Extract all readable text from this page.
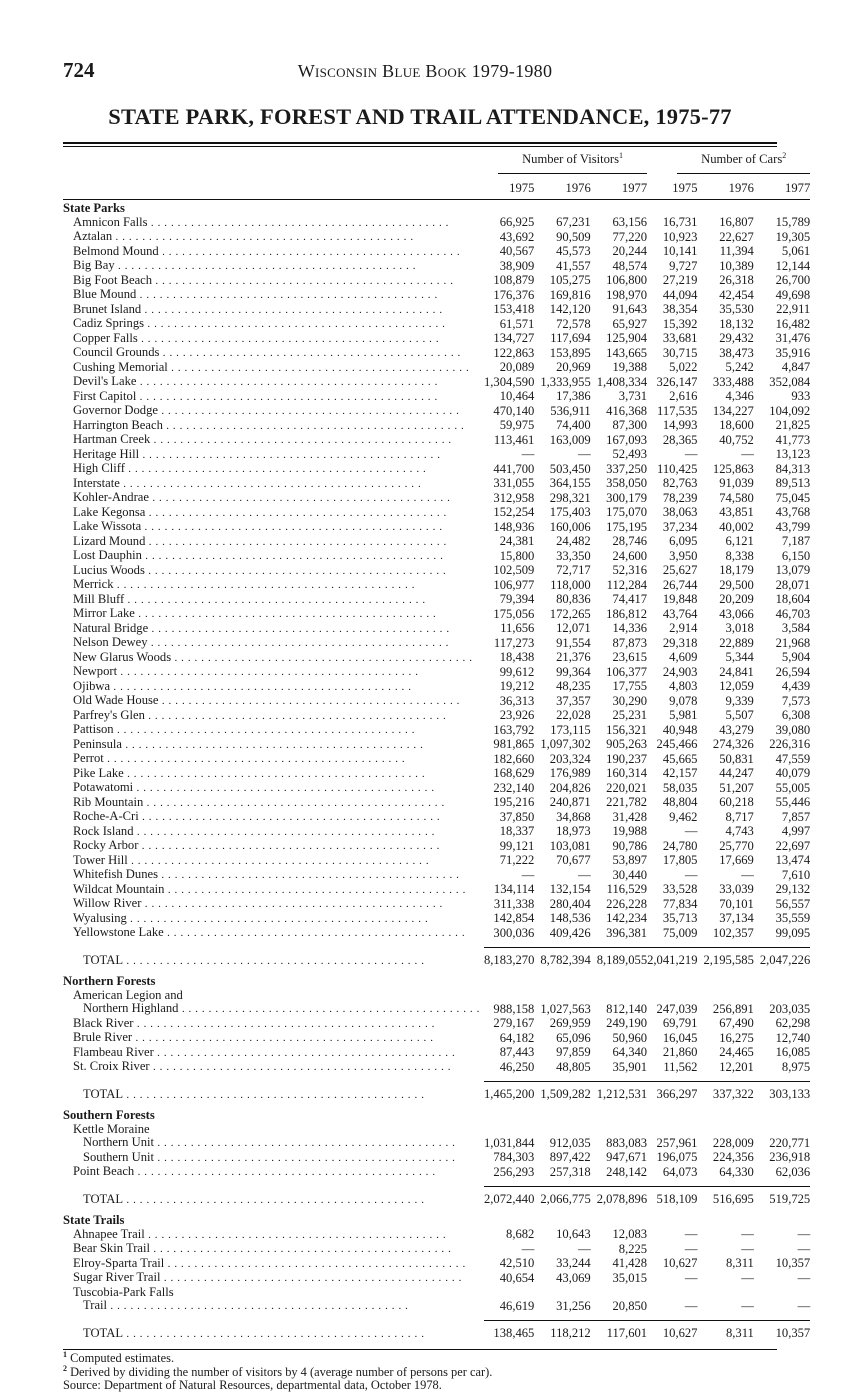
724	Wisconsin Blue Book 1979-1980
STATE PARK, FOREST AND TRAIL ATTENDANCE, 1975-77

	Number of Visitors$^1$			Number of Cars$^2$

	1975	1976	1977	1975	1976	1977
State Parks						

Amnicon Falls . . . . . . . . . . . . . . . . . . . . . . . . . . . . . . . . . . . . . . . . . . . . .	66,925	67,231	63,156	16,731	16,807	15,789

Aztalan . . . . . . . . . . . . . . . . . . . . . . . . . . . . . . . . . . . . . . . . . . . . .	43,692	90,509	77,220	10,923	22,627	19,305

Belmond Mound . . . . . . . . . . . . . . . . . . . . . . . . . . . . . . . . . . . . . . . . . . . . .	40,567	45,573	20,244	10,141	11,394	5,061

Big Bay . . . . . . . . . . . . . . . . . . . . . . . . . . . . . . . . . . . . . . . . . . . . .	38,909	41,557	48,574	9,727	10,389	12,144

Big Foot Beach . . . . . . . . . . . . . . . . . . . . . . . . . . . . . . . . . . . . . . . . . . . . .	108,879	105,275	106,800	27,219	26,318	26,700

Blue Mound . . . . . . . . . . . . . . . . . . . . . . . . . . . . . . . . . . . . . . . . . . . . .	176,376	169,816	198,970	44,094	42,454	49,698

Brunet Island . . . . . . . . . . . . . . . . . . . . . . . . . . . . . . . . . . . . . . . . . . . . .	153,418	142,120	91,643	38,354	35,530	22,911

Cadiz Springs . . . . . . . . . . . . . . . . . . . . . . . . . . . . . . . . . . . . . . . . . . . . .	61,571	72,578	65,927	15,392	18,132	16,482

Copper Falls . . . . . . . . . . . . . . . . . . . . . . . . . . . . . . . . . . . . . . . . . . . . .	134,727	117,694	125,904	33,681	29,432	31,476

Council Grounds . . . . . . . . . . . . . . . . . . . . . . . . . . . . . . . . . . . . . . . . . . . . .	122,863	153,895	143,665	30,715	38,473	35,916

Cushing Memorial . . . . . . . . . . . . . . . . . . . . . . . . . . . . . . . . . . . . . . . . . . . . .	20,089	20,969	19,388	5,022	5,242	4,847

Devil's Lake . . . . . . . . . . . . . . . . . . . . . . . . . . . . . . . . . . . . . . . . . . . . .	1,304,590	1,333,955	1,408,334	326,147	333,488	352,084

First Capitol . . . . . . . . . . . . . . . . . . . . . . . . . . . . . . . . . . . . . . . . . . . . .	10,464	17,386	3,731	2,616	4,346	933

Governor Dodge . . . . . . . . . . . . . . . . . . . . . . . . . . . . . . . . . . . . . . . . . . . . .	470,140	536,911	416,368	117,535	134,227	104,092

Harrington Beach . . . . . . . . . . . . . . . . . . . . . . . . . . . . . . . . . . . . . . . . . . . . .	59,975	74,400	87,300	14,993	18,600	21,825

Hartman Creek . . . . . . . . . . . . . . . . . . . . . . . . . . . . . . . . . . . . . . . . . . . . .	113,461	163,009	167,093	28,365	40,752	41,773

Heritage Hill . . . . . . . . . . . . . . . . . . . . . . . . . . . . . . . . . . . . . . . . . . . . .	—	—	52,493	—	—	13,123

High Cliff . . . . . . . . . . . . . . . . . . . . . . . . . . . . . . . . . . . . . . . . . . . . .	441,700	503,450	337,250	110,425	125,863	84,313

Interstate . . . . . . . . . . . . . . . . . . . . . . . . . . . . . . . . . . . . . . . . . . . . .	331,055	364,155	358,050	82,763	91,039	89,513

Kohler-Andrae . . . . . . . . . . . . . . . . . . . . . . . . . . . . . . . . . . . . . . . . . . . . .	312,958	298,321	300,179	78,239	74,580	75,045

Lake Kegonsa . . . . . . . . . . . . . . . . . . . . . . . . . . . . . . . . . . . . . . . . . . . . .	152,254	175,403	175,070	38,063	43,851	43,768

Lake Wissota . . . . . . . . . . . . . . . . . . . . . . . . . . . . . . . . . . . . . . . . . . . . .	148,936	160,006	175,195	37,234	40,002	43,799

Lizard Mound . . . . . . . . . . . . . . . . . . . . . . . . . . . . . . . . . . . . . . . . . . . . .	24,381	24,482	28,746	6,095	6,121	7,187

Lost Dauphin . . . . . . . . . . . . . . . . . . . . . . . . . . . . . . . . . . . . . . . . . . . . .	15,800	33,350	24,600	3,950	8,338	6,150

Lucius Woods . . . . . . . . . . . . . . . . . . . . . . . . . . . . . . . . . . . . . . . . . . . . .	102,509	72,717	52,316	25,627	18,179	13,079

Merrick . . . . . . . . . . . . . . . . . . . . . . . . . . . . . . . . . . . . . . . . . . . . .	106,977	118,000	112,284	26,744	29,500	28,071

Mill Bluff . . . . . . . . . . . . . . . . . . . . . . . . . . . . . . . . . . . . . . . . . . . . .	79,394	80,836	74,417	19,848	20,209	18,604

Mirror Lake . . . . . . . . . . . . . . . . . . . . . . . . . . . . . . . . . . . . . . . . . . . . .	175,056	172,265	186,812	43,764	43,066	46,703

Natural Bridge . . . . . . . . . . . . . . . . . . . . . . . . . . . . . . . . . . . . . . . . . . . . .	11,656	12,071	14,336	2,914	3,018	3,584

Nelson Dewey . . . . . . . . . . . . . . . . . . . . . . . . . . . . . . . . . . . . . . . . . . . . .	117,273	91,554	87,873	29,318	22,889	21,968

New Glarus Woods . . . . . . . . . . . . . . . . . . . . . . . . . . . . . . . . . . . . . . . . . . . . .	18,438	21,376	23,615	4,609	5,344	5,904

Newport . . . . . . . . . . . . . . . . . . . . . . . . . . . . . . . . . . . . . . . . . . . . .	99,612	99,364	106,377	24,903	24,841	26,594

Ojibwa . . . . . . . . . . . . . . . . . . . . . . . . . . . . . . . . . . . . . . . . . . . . .	19,212	48,235	17,755	4,803	12,059	4,439

Old Wade House . . . . . . . . . . . . . . . . . . . . . . . . . . . . . . . . . . . . . . . . . . . . .	36,313	37,357	30,290	9,078	9,339	7,573

Parfrey's Glen . . . . . . . . . . . . . . . . . . . . . . . . . . . . . . . . . . . . . . . . . . . . .	23,926	22,028	25,231	5,981	5,507	6,308

Pattison . . . . . . . . . . . . . . . . . . . . . . . . . . . . . . . . . . . . . . . . . . . . .	163,792	173,115	156,321	40,948	43,279	39,080

Peninsula . . . . . . . . . . . . . . . . . . . . . . . . . . . . . . . . . . . . . . . . . . . . .	981,865	1,097,302	905,263	245,466	274,326	226,316

Perrot . . . . . . . . . . . . . . . . . . . . . . . . . . . . . . . . . . . . . . . . . . . . .	182,660	203,324	190,237	45,665	50,831	47,559

Pike Lake . . . . . . . . . . . . . . . . . . . . . . . . . . . . . . . . . . . . . . . . . . . . .	168,629	176,989	160,314	42,157	44,247	40,079

Potawatomi . . . . . . . . . . . . . . . . . . . . . . . . . . . . . . . . . . . . . . . . . . . . .	232,140	204,826	220,021	58,035	51,207	55,005

Rib Mountain . . . . . . . . . . . . . . . . . . . . . . . . . . . . . . . . . . . . . . . . . . . . .	195,216	240,871	221,782	48,804	60,218	55,446

Roche-A-Cri . . . . . . . . . . . . . . . . . . . . . . . . . . . . . . . . . . . . . . . . . . . . .	37,850	34,868	31,428	9,462	8,717	7,857

Rock Island . . . . . . . . . . . . . . . . . . . . . . . . . . . . . . . . . . . . . . . . . . . . .	18,337	18,973	19,988	—	4,743	4,997

Rocky Arbor . . . . . . . . . . . . . . . . . . . . . . . . . . . . . . . . . . . . . . . . . . . . .	99,121	103,081	90,786	24,780	25,770	22,697

Tower Hill . . . . . . . . . . . . . . . . . . . . . . . . . . . . . . . . . . . . . . . . . . . . .	71,222	70,677	53,897	17,805	17,669	13,474

Whitefish Dunes . . . . . . . . . . . . . . . . . . . . . . . . . . . . . . . . . . . . . . . . . . . . .	—	—	30,440	—	—	7,610

Wildcat Mountain . . . . . . . . . . . . . . . . . . . . . . . . . . . . . . . . . . . . . . . . . . . . .	134,114	132,154	116,529	33,528	33,039	29,132

Willow River . . . . . . . . . . . . . . . . . . . . . . . . . . . . . . . . . . . . . . . . . . . . .	311,338	280,404	226,228	77,834	70,101	56,557

Wyalusing . . . . . . . . . . . . . . . . . . . . . . . . . . . . . . . . . . . . . . . . . . . . .	142,854	148,536	142,234	35,713	37,134	35,559

Yellowstone Lake . . . . . . . . . . . . . . . . . . . . . . . . . . . . . . . . . . . . . . . . . . . . .	300,036	409,426	396,381	75,009	102,357	99,095

TOTAL . . . . . . . . . . . . . . . . . . . . . . . . . . . . . . . . . . . . . . . . . . . . .	8,183,270	8,782,394	8,189,055	2,041,219	2,195,585	2,047,226
Northern Forests						

American Legion and						

Northern Highland . . . . . . . . . . . . . . . . . . . . . . . . . . . . . . . . . . . . . . . . . . . . .	988,158	1,027,563	812,140	247,039	256,891	203,035

Black River . . . . . . . . . . . . . . . . . . . . . . . . . . . . . . . . . . . . . . . . . . . . .	279,167	269,959	249,190	69,791	67,490	62,298

Brule River . . . . . . . . . . . . . . . . . . . . . . . . . . . . . . . . . . . . . . . . . . . . .	64,182	65,096	50,960	16,045	16,275	12,740

Flambeau River . . . . . . . . . . . . . . . . . . . . . . . . . . . . . . . . . . . . . . . . . . . . .	87,443	97,859	64,340	21,860	24,465	16,085

St. Croix River . . . . . . . . . . . . . . . . . . . . . . . . . . . . . . . . . . . . . . . . . . . . .	46,250	48,805	35,901	11,562	12,201	8,975

TOTAL . . . . . . . . . . . . . . . . . . . . . . . . . . . . . . . . . . . . . . . . . . . . .	1,465,200	1,509,282	1,212,531	366,297	337,322	303,133
Southern Forests						

Kettle Moraine						

Northern Unit . . . . . . . . . . . . . . . . . . . . . . . . . . . . . . . . . . . . . . . . . . . . .	1,031,844	912,035	883,083	257,961	228,009	220,771

Southern Unit . . . . . . . . . . . . . . . . . . . . . . . . . . . . . . . . . . . . . . . . . . . . .	784,303	897,422	947,671	196,075	224,356	236,918

Point Beach . . . . . . . . . . . . . . . . . . . . . . . . . . . . . . . . . . . . . . . . . . . . .	256,293	257,318	248,142	64,073	64,330	62,036

TOTAL . . . . . . . . . . . . . . . . . . . . . . . . . . . . . . . . . . . . . . . . . . . . .	2,072,440	2,066,775	2,078,896	518,109	516,695	519,725
State Trails						

Ahnapee Trail . . . . . . . . . . . . . . . . . . . . . . . . . . . . . . . . . . . . . . . . . . . . .	8,682	10,643	12,083	—	—	—

Bear Skin Trail . . . . . . . . . . . . . . . . . . . . . . . . . . . . . . . . . . . . . . . . . . . . .	—	—	8,225	—	—	—

Elroy-Sparta Trail . . . . . . . . . . . . . . . . . . . . . . . . . . . . . . . . . . . . . . . . . . . . .	42,510	33,244	41,428	10,627	8,311	10,357

Sugar River Trail . . . . . . . . . . . . . . . . . . . . . . . . . . . . . . . . . . . . . . . . . . . . .	40,654	43,069	35,015	—	—	—

Tuscobia-Park Falls						

Trail . . . . . . . . . . . . . . . . . . . . . . . . . . . . . . . . . . . . . . . . . . . . .	46,619	31,256	20,850	—	—	—

TOTAL . . . . . . . . . . . . . . . . . . . . . . . . . . . . . . . . . . . . . . . . . . . . .	138,465	118,212	117,601	10,627	8,311	10,357
$^1$ Computed estimates.
$^2$ Derived by dividing the number of visitors by 4 (average number of persons per car).
Source: Department of Natural Resources, departmental data, October 1978.
